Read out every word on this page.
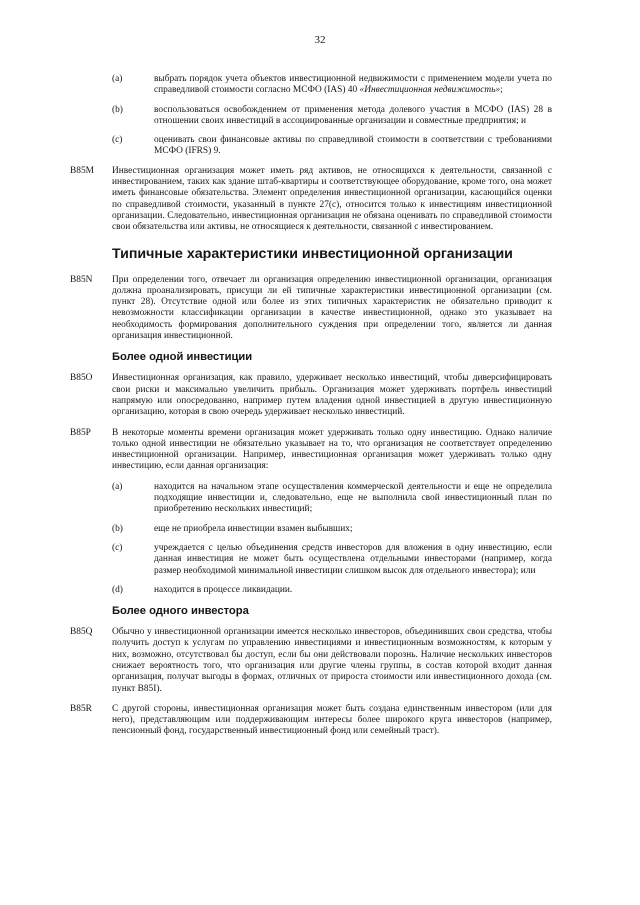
32
(a)	выбрать порядок учета объектов инвестиционной недвижимости с применением модели учета по справедливой стоимости согласно МСФО (IAS) 40 «Инвестиционная недвижимость»;
(b)	воспользоваться освобождением от применения метода долевого участия в МСФО (IAS) 28 в отношении своих инвестиций в ассоциированные организации и совместные предприятия; и
(c)	оценивать свои финансовые активы по справедливой стоимости в соответствии с требованиями МСФО (IFRS) 9.
B85M	Инвестиционная организация может иметь ряд активов, не относящихся к деятельности, связанной с инвестированием, таких как здание штаб-квартиры и соответствующее оборудование, кроме того, она может иметь финансовые обязательства. Элемент определения инвестиционной организации, касающийся оценки по справедливой стоимости, указанный в пункте 27(c), относится только к инвестициям инвестиционной организации. Следовательно, инвестиционная организация не обязана оценивать по справедливой стоимости свои обязательства или активы, не относящиеся к деятельности, связанной с инвестированием.
Типичные характеристики инвестиционной организации
B85N	При определении того, отвечает ли организация определению инвестиционной организации, организация должна проанализировать, присущи ли ей типичные характеристики инвестиционной организации (см. пункт 28). Отсутствие одной или более из этих типичных характеристик не обязательно приводит к невозможности классификации организации в качестве инвестиционной, однако это указывает на необходимость формирования дополнительного суждения при определении того, является ли данная организация инвестиционной.
Более одной инвестиции
B85O	Инвестиционная организация, как правило, удерживает несколько инвестиций, чтобы диверсифицировать свои риски и максимально увеличить прибыль. Организация может удерживать портфель инвестиций напрямую или опосредованно, например путем владения одной инвестицией в другую инвестиционную организацию, которая в свою очередь удерживает несколько инвестиций.
B85P	В некоторые моменты времени организация может удерживать только одну инвестицию. Однако наличие только одной инвестиции не обязательно указывает на то, что организация не соответствует определению инвестиционной организации. Например, инвестиционная организация может удерживать только одну инвестицию, если данная организация:
(a)	находится на начальном этапе осуществления коммерческой деятельности и еще не определила подходящие инвестиции и, следовательно, еще не выполнила свой инвестиционный план по приобретению нескольких инвестиций;
(b)	еще не приобрела инвестиции взамен выбывших;
(c)	учреждается с целью объединения средств инвесторов для вложения в одну инвестицию, если данная инвестиция не может быть осуществлена отдельными инвесторами (например, когда размер необходимой минимальной инвестиции слишком высок для отдельного инвестора); или
(d)	находится в процессе ликвидации.
Более одного инвестора
B85Q	Обычно у инвестиционной организации имеется несколько инвесторов, объединивших свои средства, чтобы получить доступ к услугам по управлению инвестициями и инвестиционным возможностям, к которым у них, возможно, отсутствовал бы доступ, если бы они действовали порознь. Наличие нескольких инвесторов снижает вероятность того, что организация или другие члены группы, в состав которой входит данная организация, получат выгоды в формах, отличных от прироста стоимости или инвестиционного дохода (см. пункт B85I).
B85R	С другой стороны, инвестиционная организация может быть создана единственным инвестором (или для него), представляющим или поддерживающим интересы более широкого круга инвесторов (например, пенсионный фонд, государственный инвестиционный фонд или семейный траст).
